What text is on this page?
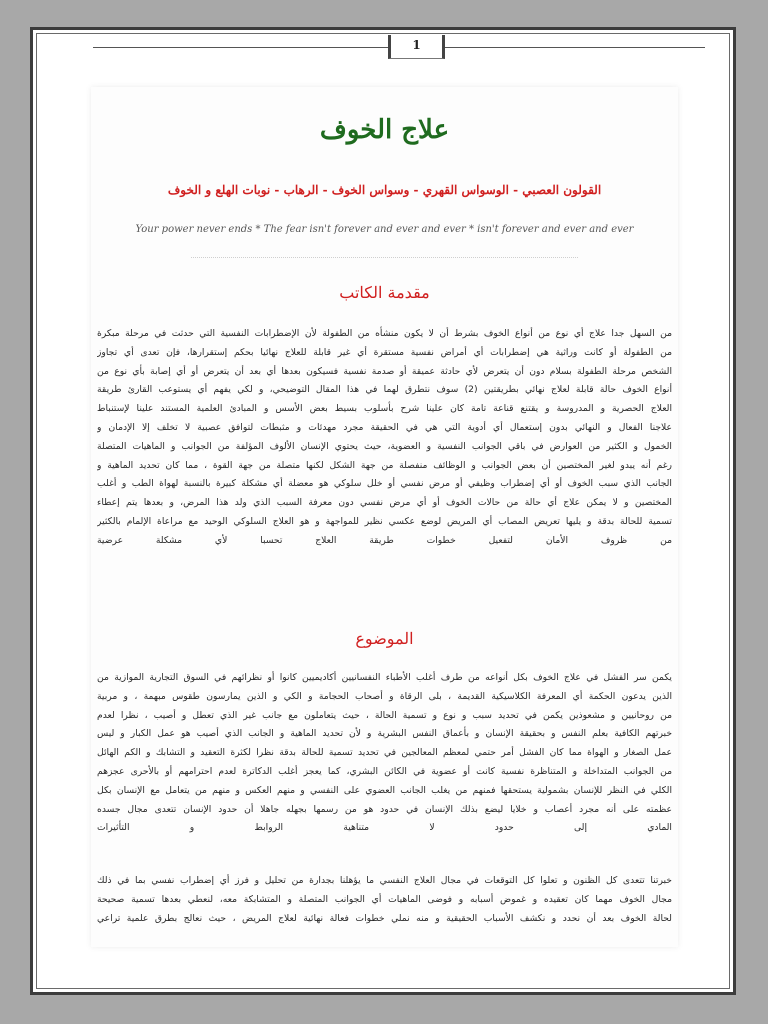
1
علاج الخوف
القولون العصبي - الوسواس القهري - وسواس الخوف - الرهاب - نوبات الهلع و الخوف
Your power never ends * The fear isn't forever and ever and ever * isn't forever and ever and ever
مقدمة الكاتب
من السهل جدا علاج أي نوع من أنواع الخوف بشرط أن لا يكون منشأه من الطفولة لأن الإضطرابات النفسية التي حدثت في مرحلة مبكرة
من الطفولة أو كانت وراثية هي إضطرابات أي أمراض نفسية مستقرة أي غير قابلة للعلاج نهائيا بحكم إستقرارها، فإن تعدى أي تجاوز
الشخص مرحلة الطفولة بسلام دون أن يتعرض لأي حادثة عميقة أو صدمة نفسية فسيكون بعدها أي بعد أن يتعرض أو أي إصابة بأي نوع من
أنواع الخوف حالة قابلة لعلاج نهائي بطريقتين (2) سوف نتطرق لهما في هذا المقال التوضيحي، و لكي يفهم أي يستوعب القارئ طريقة
العلاج الحصرية و المدروسة و يقتنع قناعة تامة كان علينا شرح بأسلوب بسيط بعض الأسس و المبادئ العلمية المستند علينا لإستنباط
علاجنا الفعال و النهائي بدون إستعمال أي أدوية التي هي في الحقيقة مجرد مهدئات و مثبطات لتوافق عصبية لا تخلف إلا الإدمان و
الخمول و الكثير من العوارض في باقي الجوانب النفسية و العضوية، حيث يحتوي الإنسان الألوف المؤلفة من الجوانب و الماهيات المتصلة
رغم أنه يبدو لغير المختصين أن بعض الجوانب و الوظائف منفصلة من جهة الشكل لكنها متصلة من جهة القوة ، مما كان تحديد الماهية و
الجانب الذي سبب الخوف أو أي إضطراب وظيفي أو مرض نفسي أو خلل سلوكي هو معضلة أي مشكلة كبيرة بالنسبة لهواة الطب و أغلب
المختصين و لا يمكن علاج أي حالة من حالات الخوف أو أي مرض نفسي دون معرفة السبب الذي ولد هذا المرض، و بعدها يتم إعطاء
تسمية للحالة بدقة و يليها تعريض المصاب أي المريض لوضع عكسي نظير للمواجهة و هو العلاج السلوكي الوحيد مع مراعاة الإلمام بالكثير
من ظروف الأمان لتفعيل خطوات طريقة العلاج تحسبا لأي مشكلة عرضية
الموضوع
يكمن سر الفشل في علاج الخوف بكل أنواعه من طرف أغلب الأطباء النفسانيين أكاديميين كانوا أو نظرائهم في السوق التجارية الموازية من
الذين يدعون الحكمة أي المعرفة الكلاسيكية القديمة ، بلى الرقاة و أصحاب الحجامة و الكي و الذين يمارسون طقوس مبهمة ، و مربية
من روحانيين و مشعوذين يكمن في تحديد سبب و نوع و تسمية الحالة ، حيث يتعاملون مع جانب غير الذي تعطل و أصيب ، نظرا لعدم
خبرتهم الكافية بعلم النفس و بحقيقة الإنسان و بأعماق النفس البشرية و لأن تحديد الماهية و الجانب الذي أصيب هو عمل الكبار و ليس
عمل الصغار و الهواة مما كان الفشل أمر حتمي لمعظم المعالجين في تحديد تسمية للحالة بدقة نظرا لكثرة التعقيد و التشابك و الكم الهائل
من الجوانب المتداخلة و المتناظرة نفسية كانت أو عضوية في الكائن البشري، كما يعجز أغلب الدكاترة لعدم احترامهم أو بالأحرى عجزهم
الكلي في النظر للإنسان بشمولية يستحقها فمنهم من يغلب الجانب العضوي على النفسي و منهم العكس و منهم من يتعامل مع الإنسان بكل
عظمته على أنه مجرد أعصاب و خلايا ليضع بذلك الإنسان في حدود هو من رسمها بجهله جاهلا أن حدود الإنسان تتعدى مجال جسده
المادي إلى حدود لا متناهية الروابط و التأثيرات
خبرتنا تتعدى كل الظنون و تعلوا كل التوقعات في مجال العلاج النفسي ما يؤهلنا بجدارة من تحليل و فرز أي إضطراب نفسي بما في ذلك
مجال الخوف مهما كان تعقيده و غموض أسبابه و فوضى الماهيات أي الجوانب المتصلة و المتشابكة معه، لنعطي بعدها تسمية صحيحة
لحالة الخوف بعد أن نحدد و نكشف الأسباب الحقيقية و منه نملي خطوات فعالة نهائية لعلاج المريض ، حيث نعالج بطرق علمية تراعي
